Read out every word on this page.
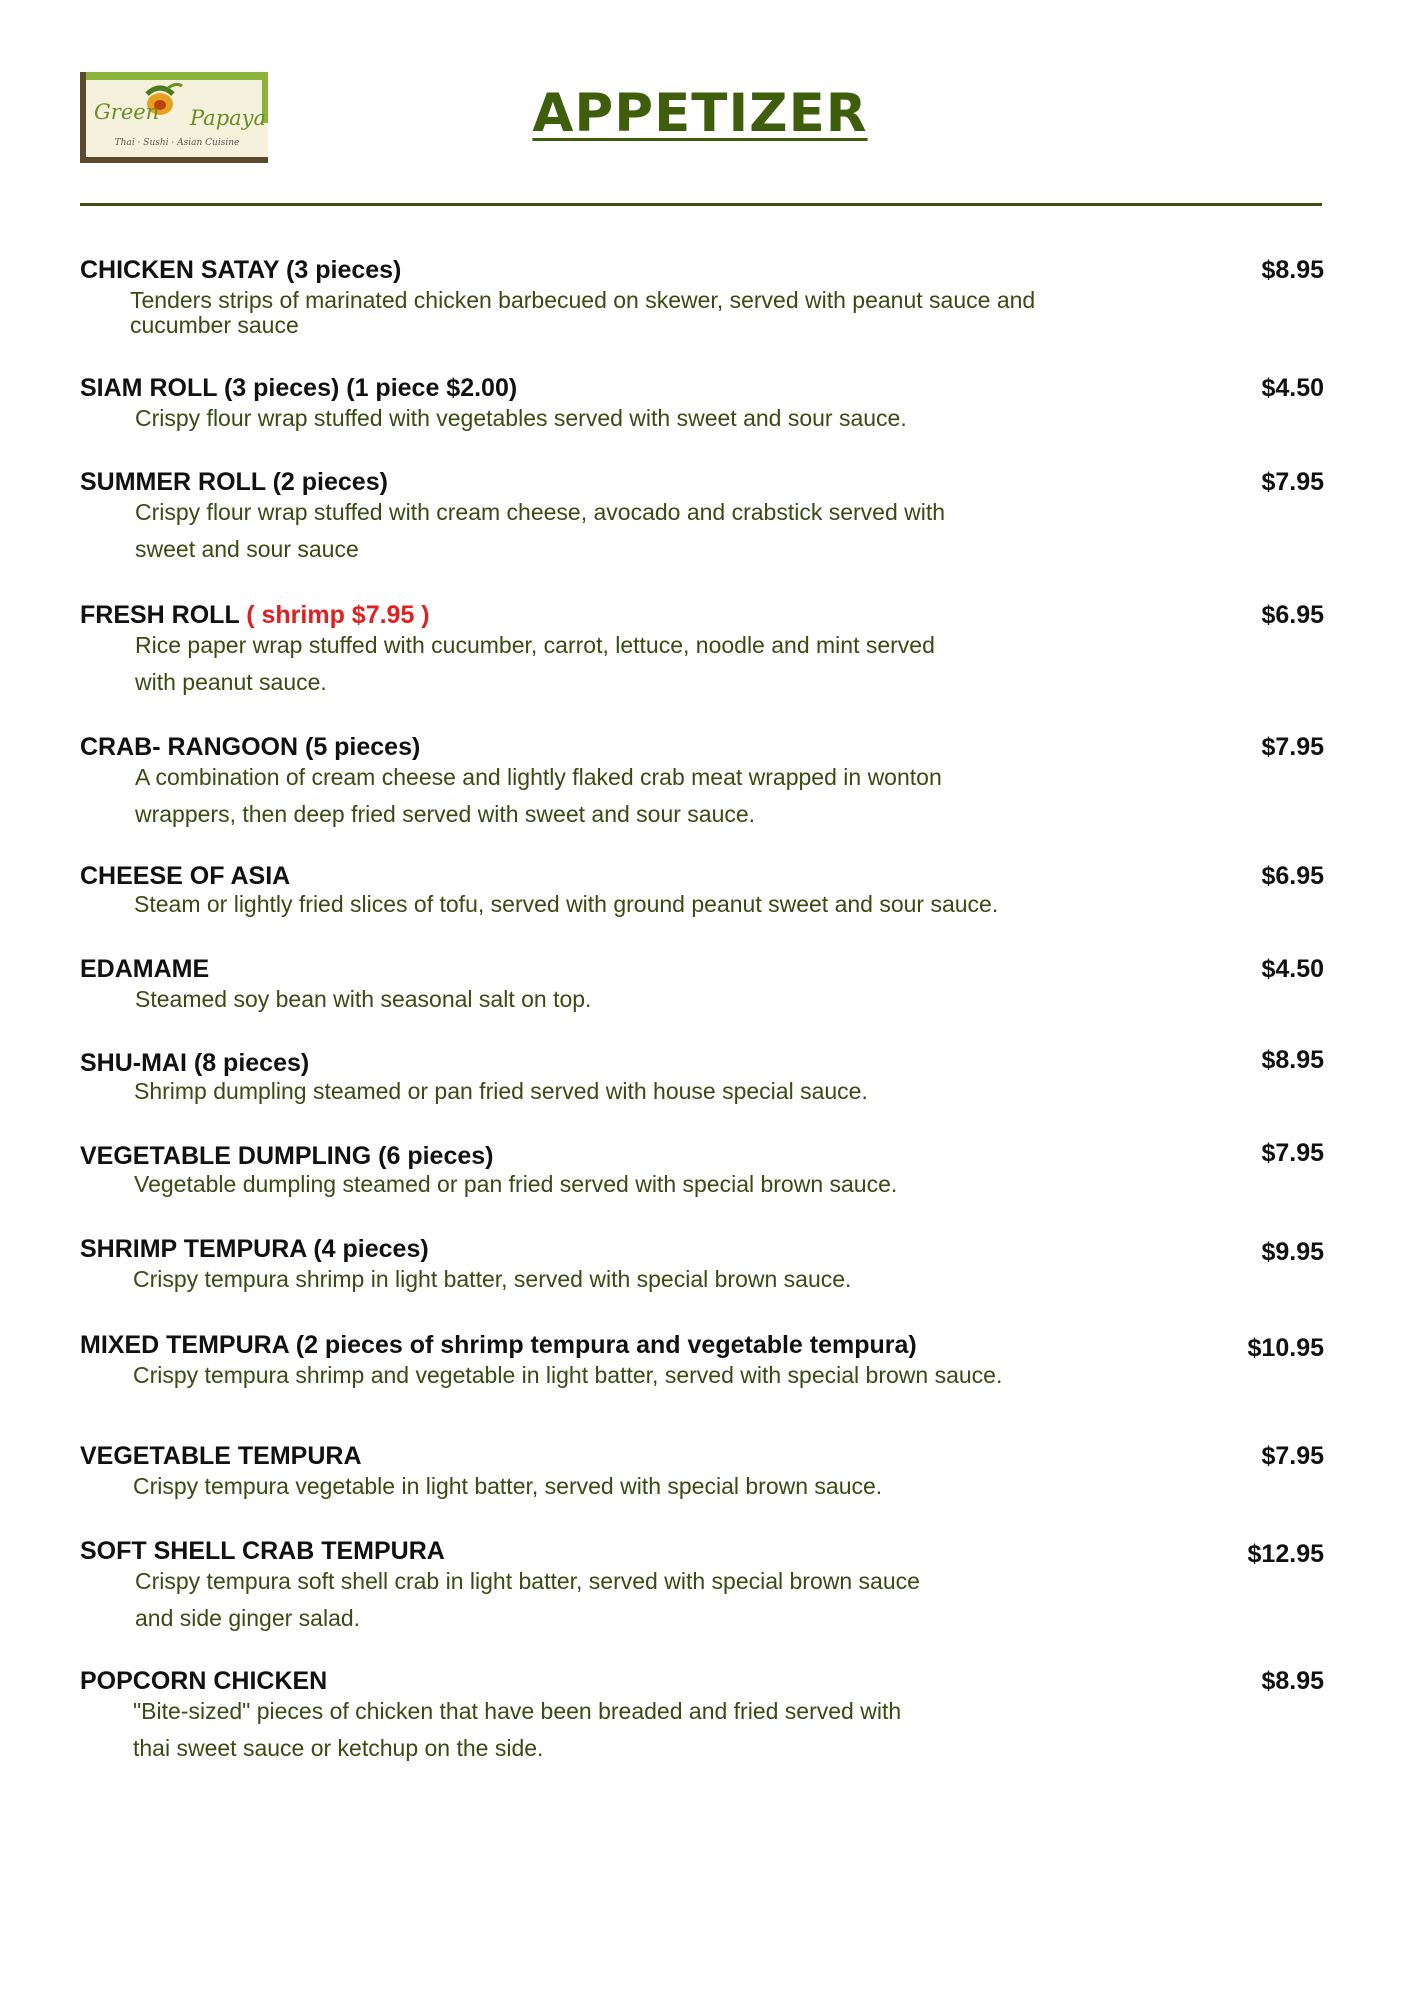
Green Papaya
Thai · Sushi · Asian Cuisine	APPETIZER
CHICKEN SATAY (3 pieces)	$8.95
Tenders strips of marinated chicken barbecued on skewer, served with peanut sauce and
cucumber sauce
SIAM ROLL (3 pieces) (1 piece $2.00)	$4.50
Crispy flour wrap stuffed with vegetables served with sweet and sour sauce.
SUMMER ROLL (2 pieces)	$7.95
Crispy flour wrap stuffed with cream cheese, avocado and crabstick served with
sweet and sour sauce
FRESH ROLL ( shrimp $7.95 )	$6.95
Rice paper wrap stuffed with cucumber, carrot, lettuce, noodle and mint served
with peanut sauce.
CRAB- RANGOON (5 pieces)	$7.95
A combination of cream cheese and lightly flaked crab meat wrapped in wonton
wrappers, then deep fried served with sweet and sour sauce.
CHEESE OF ASIA	$6.95
Steam or lightly fried slices of tofu, served with ground peanut sweet and sour sauce.
EDAMAME	$4.50
Steamed soy bean with seasonal salt on top.
SHU-MAI (8 pieces)	$8.95
Shrimp dumpling steamed or pan fried served with house special sauce.
VEGETABLE DUMPLING (6 pieces)	$7.95
Vegetable dumpling steamed or pan fried served with special brown sauce.
SHRIMP TEMPURA (4 pieces)	$9.95
Crispy tempura shrimp in light batter, served with special brown sauce.
MIXED TEMPURA (2 pieces of shrimp tempura and vegetable tempura)	$10.95
Crispy tempura shrimp and vegetable in light batter, served with special brown sauce.
VEGETABLE TEMPURA	$7.95
Crispy tempura vegetable in light batter, served with special brown sauce.
SOFT SHELL CRAB TEMPURA	$12.95
Crispy tempura soft shell crab in light batter, served with special brown sauce
and side ginger salad.
POPCORN CHICKEN	$8.95
"Bite-sized" pieces of chicken that have been breaded and fried served with
thai sweet sauce or ketchup on the side.
